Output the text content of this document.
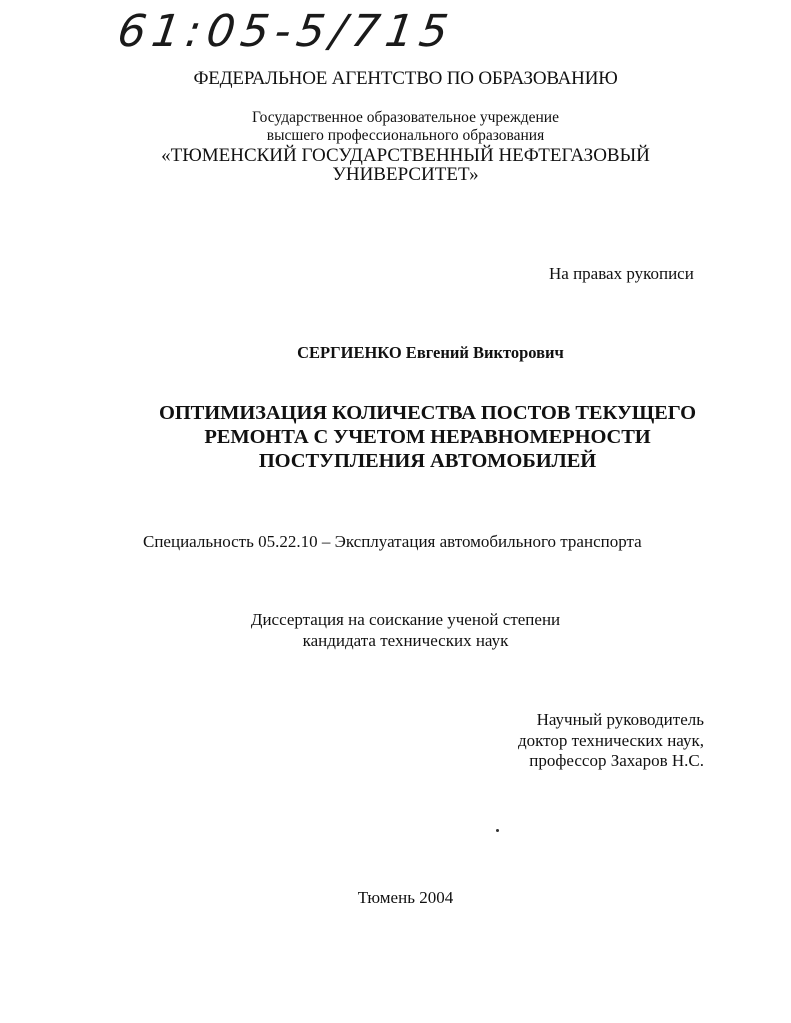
61:05-5/715
ФЕДЕРАЛЬНОЕ АГЕНТСТВО ПО ОБРАЗОВАНИЮ
Государственное образовательное учреждение
высшего профессионального образования
«ТЮМЕНСКИЙ ГОСУДАРСТВЕННЫЙ НЕФТЕГАЗОВЫЙ
УНИВЕРСИТЕТ»
На правах рукописи
СЕРГИЕНКО Евгений Викторович
ОПТИМИЗАЦИЯ КОЛИЧЕСТВА ПОСТОВ ТЕКУЩЕГО
РЕМОНТА С УЧЕТОМ НЕРАВНОМЕРНОСТИ
ПОСТУПЛЕНИЯ АВТОМОБИЛЕЙ
Специальность 05.22.10 – Эксплуатация автомобильного транспорта
Диссертация на соискание ученой степени
кандидата технических наук
Научный руководитель
доктор технических наук,
профессор Захаров Н.С.
Тюмень 2004
